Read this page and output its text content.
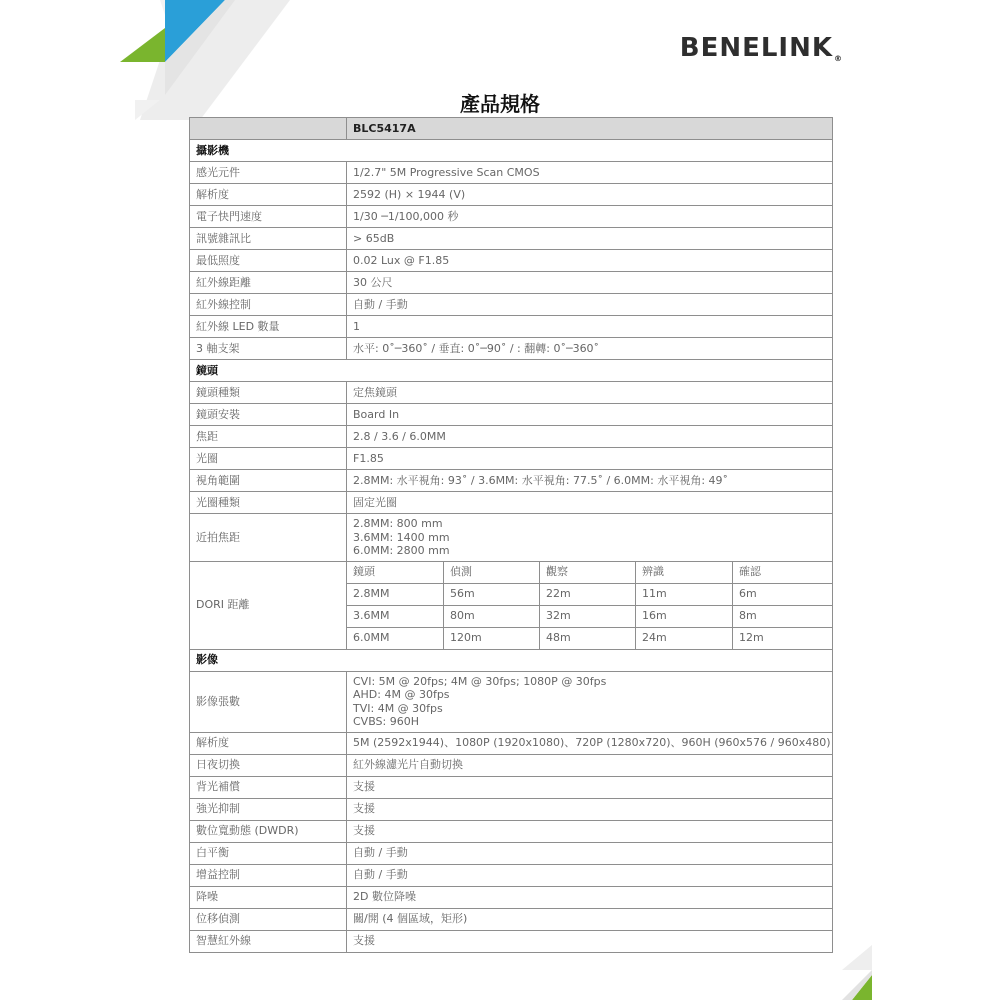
BENELINK®
產品規格
	BLC5417A				
攝影機					
感光元件	1/2.7" 5M Progressive Scan CMOS				
解析度	2592 (H) × 1944 (V)				
電子快門速度	1/30 ─1/100,000 秒				
訊號雜訊比	> 65dB				
最低照度	0.02 Lux @ F1.85				
紅外線距離	30 公尺				
紅外線控制	自動 / 手動				
紅外線 LED 數量	1				
3 軸支架	水平: 0˚─360˚ / 垂直: 0˚─90˚ / : 翻轉: 0˚─360˚				
鏡頭					
鏡頭種類	定焦鏡頭				
鏡頭安裝	Board In				
焦距	2.8 / 3.6 / 6.0MM				
光圈	F1.85				
視角範圍	2.8MM: 水平視角: 93˚ / 3.6MM: 水平視角: 77.5˚ / 6.0MM: 水平視角: 49˚				
光圈種類	固定光圈				
近拍焦距	2.8MM: 800 mm
3.6MM: 1400 mm
6.0MM: 2800 mm				
DORI 距離	鏡頭	偵測	觀察	辨識	確認
	2.8MM	56m	22m	11m	6m
	3.6MM	80m	32m	16m	8m
	6.0MM	120m	48m	24m	12m
影像					
影像張數	CVI: 5M @ 20fps; 4M @ 30fps; 1080P @ 30fps
AHD: 4M @ 30fps
TVI: 4M @ 30fps
CVBS: 960H				
解析度	5M (2592x1944)、1080P (1920x1080)、720P (1280x720)、960H (960x576 / 960x480)				
日夜切換	紅外線濾光片自動切換				
背光補償	支援				
強光抑制	支援				
數位寬動態 (DWDR)	支援				
白平衡	自動 / 手動				
增益控制	自動 / 手動				
降噪	2D 數位降噪				
位移偵測	關/開 (4 個區域，矩形)				
智慧紅外線	支援				
